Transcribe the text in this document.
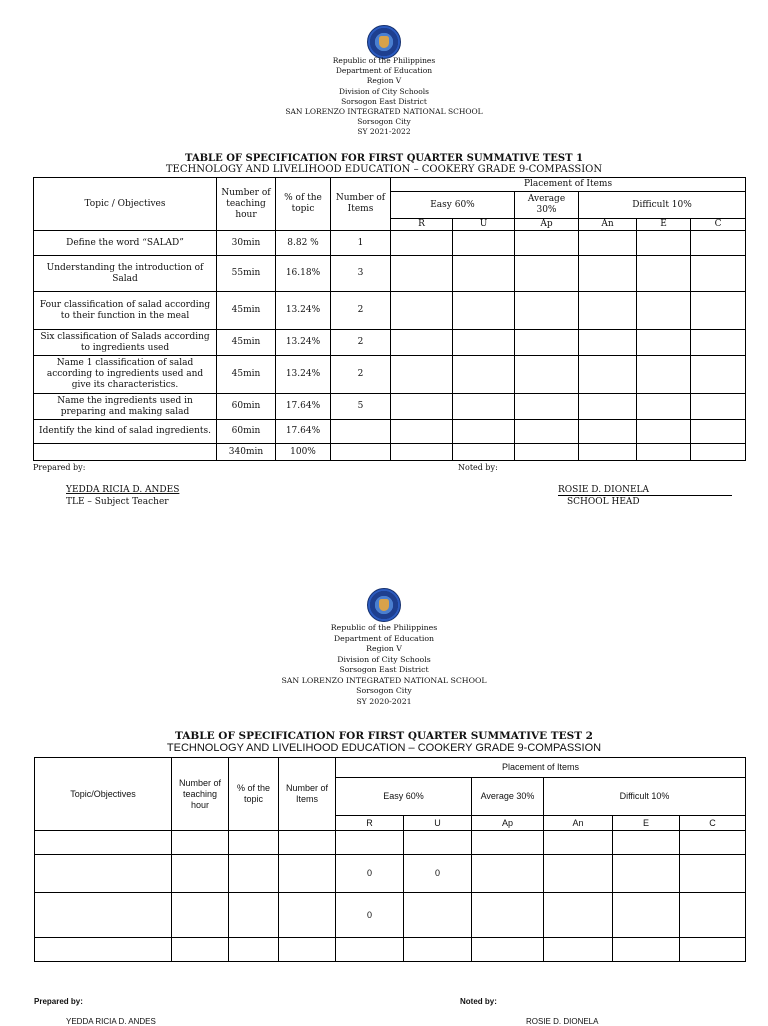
Republic of the Philippines
Department of Education
Region V
Division of City Schools
Sorsogon East District
SAN LORENZO INTEGRATED NATIONAL SCHOOL
Sorsogon City
SY 2021-2022
TABLE OF SPECIFICATION FOR FIRST QUARTER SUMMATIVE TEST 1
TECHNOLOGY AND LIVELIHOOD EDUCATION – COOKERY GRADE 9-COMPASSION
Topic / Objectives	Number of teaching hour	% of the topic	Number of Items	Placement of Items					
				Easy 60%		Average 30%	Difficult 10%		
				R	U	Ap	An	E	C
Define the word “SALAD”	30min	8.82 %	1						
Understanding the introduction of Salad	55min	16.18%	3						
Four classification of salad according to their function in the meal	45min	13.24%	2						
Six classification of Salads according to ingredients used	45min	13.24%	2						
Name 1 classification of salad according to ingredients used and give its characteristics.	45min	13.24%	2						
Name the ingredients used in preparing and making salad	60min	17.64%	5						
Identify the kind of salad ingredients.	60min	17.64%							
	340min	100%							
Prepared by:	Noted by:
YEDDA RICIA D. ANDES
TLE – Subject Teacher
ROSIE D. DIONELA
SCHOOL HEAD
Republic of the Philippines
Department of Education
Region V
Division of City Schools
Sorsogon East District
SAN LORENZO INTEGRATED NATIONAL SCHOOL
Sorsogon City
SY 2020-2021
TABLE OF SPECIFICATION FOR FIRST QUARTER SUMMATIVE TEST 2
TECHNOLOGY AND LIVELIHOOD EDUCATION – COOKERY GRADE 9-COMPASSION
Topic/Objectives	Number of teaching hour	% of the topic	Number of Items	Placement of Items					
				Easy 60%		Average 30%	Difficult 10%		
				R	U	Ap	An	E	C

				0	0				
				0					

Prepared by:	Noted by:
YEDDA RICIA D. ANDES	ROSIE D. DIONELA
